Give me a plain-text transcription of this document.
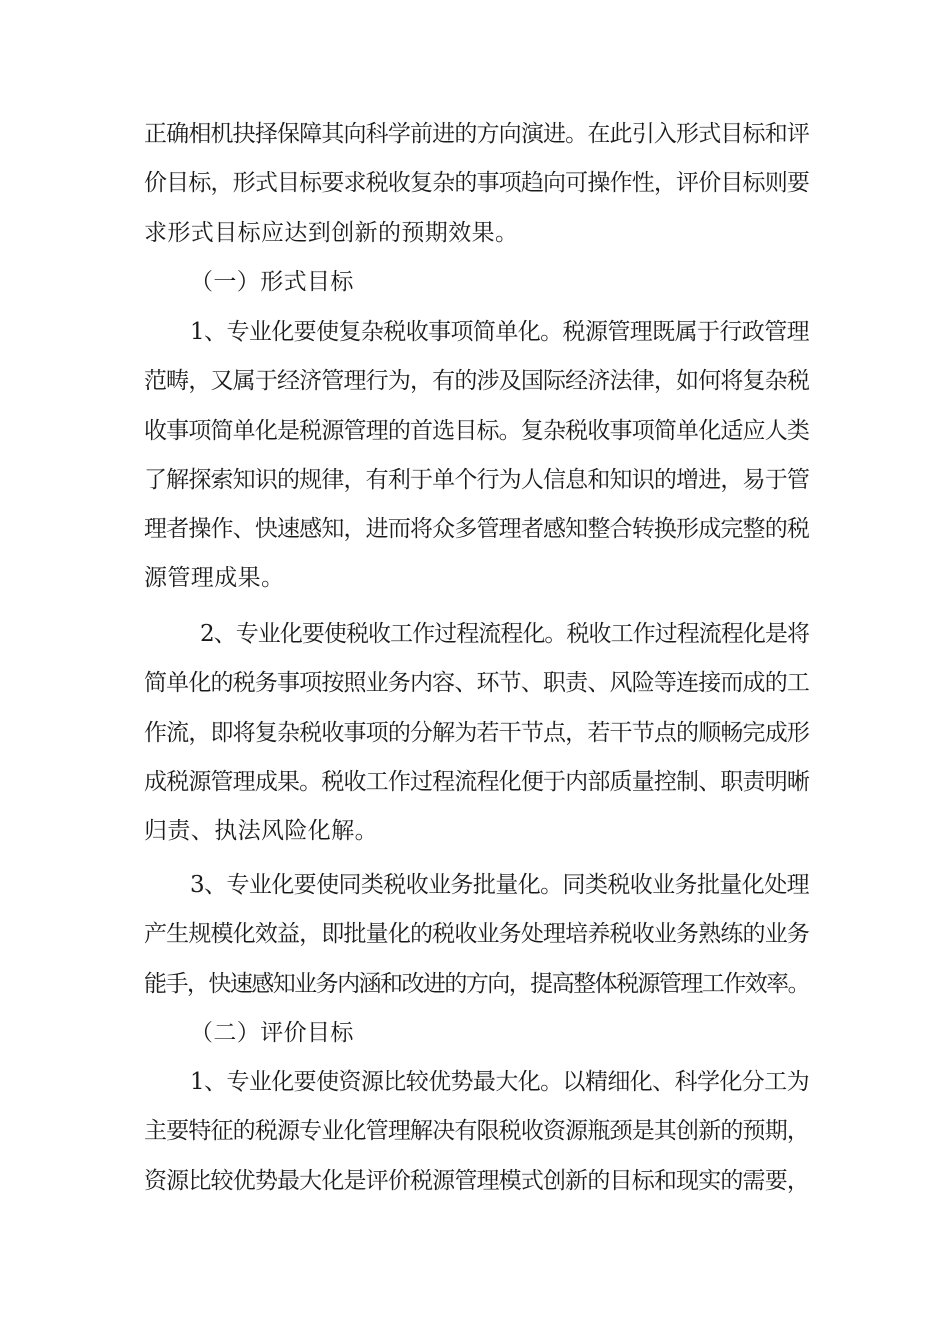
正确相机抉择保障其向科学前进的方向演进。在此引入形式目标和评
价目标，形式目标要求税收复杂的事项趋向可操作性，评价目标则要
求形式目标应达到创新的预期效果。
（一）形式目标
1、专业化要使复杂税收事项简单化。税源管理既属于行政管理
范畴，又属于经济管理行为，有的涉及国际经济法律，如何将复杂税
收事项简单化是税源管理的首选目标。复杂税收事项简单化适应人类
了解探索知识的规律，有利于单个行为人信息和知识的增进，易于管
理者操作、快速感知，进而将众多管理者感知整合转换形成完整的税
源管理成果。
2、专业化要使税收工作过程流程化。税收工作过程流程化是将
简单化的税务事项按照业务内容、环节、职责、风险等连接而成的工
作流，即将复杂税收事项的分解为若干节点，若干节点的顺畅完成形
成税源管理成果。税收工作过程流程化便于内部质量控制、职责明晰
归责、执法风险化解。
3、专业化要使同类税收业务批量化。同类税收业务批量化处理
产生规模化效益，即批量化的税收业务处理培养税收业务熟练的业务
能手，快速感知业务内涵和改进的方向，提高整体税源管理工作效率。
（二）评价目标
1、专业化要使资源比较优势最大化。以精细化、科学化分工为
主要特征的税源专业化管理解决有限税收资源瓶颈是其创新的预期，
资源比较优势最大化是评价税源管理模式创新的目标和现实的需要，
